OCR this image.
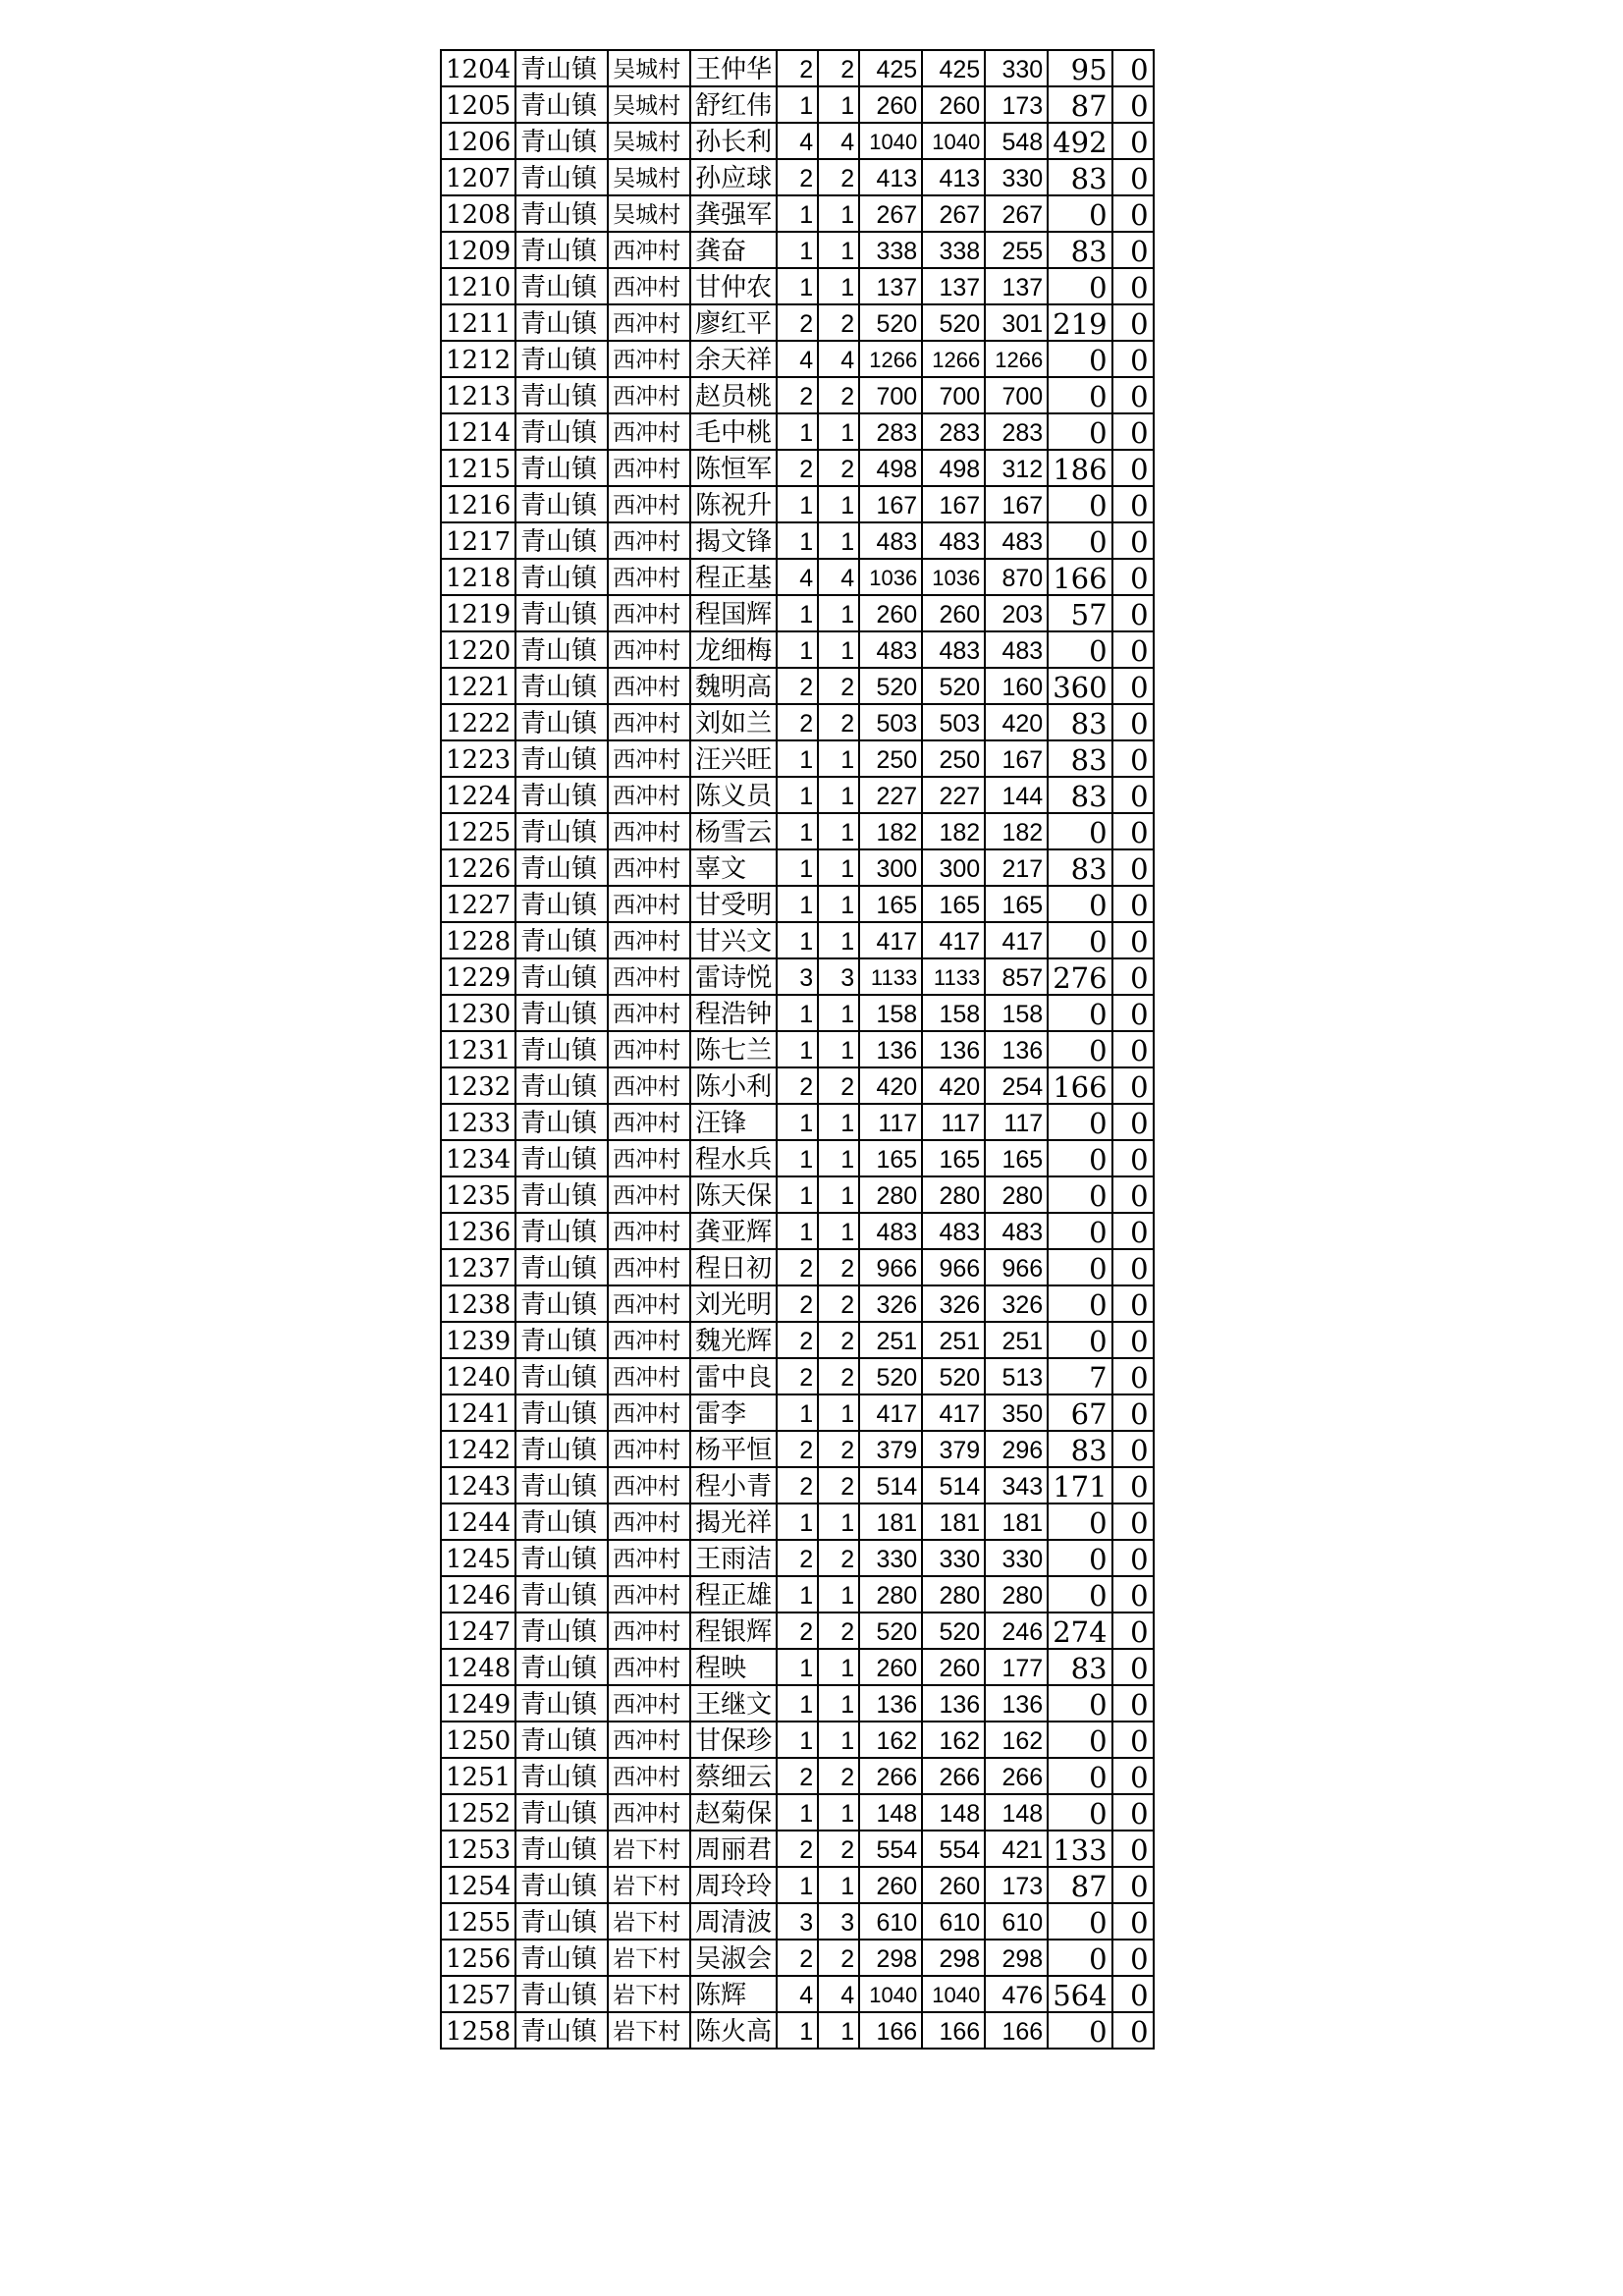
1204	青山镇	吴城村	王仲华	2	2	425	425	330	95	0
1205	青山镇	吴城村	舒红伟	1	1	260	260	173	87	0
1206	青山镇	吴城村	孙长利	4	4	1040	1040	548	492	0
1207	青山镇	吴城村	孙应球	2	2	413	413	330	83	0
1208	青山镇	吴城村	龚强军	1	1	267	267	267	0	0
1209	青山镇	西冲村	龚奋	1	1	338	338	255	83	0
1210	青山镇	西冲村	甘仲农	1	1	137	137	137	0	0
1211	青山镇	西冲村	廖红平	2	2	520	520	301	219	0
1212	青山镇	西冲村	余天祥	4	4	1266	1266	1266	0	0
1213	青山镇	西冲村	赵员桃	2	2	700	700	700	0	0
1214	青山镇	西冲村	毛中桃	1	1	283	283	283	0	0
1215	青山镇	西冲村	陈恒军	2	2	498	498	312	186	0
1216	青山镇	西冲村	陈祝升	1	1	167	167	167	0	0
1217	青山镇	西冲村	揭文锋	1	1	483	483	483	0	0
1218	青山镇	西冲村	程正基	4	4	1036	1036	870	166	0
1219	青山镇	西冲村	程国辉	1	1	260	260	203	57	0
1220	青山镇	西冲村	龙细梅	1	1	483	483	483	0	0
1221	青山镇	西冲村	魏明高	2	2	520	520	160	360	0
1222	青山镇	西冲村	刘如兰	2	2	503	503	420	83	0
1223	青山镇	西冲村	汪兴旺	1	1	250	250	167	83	0
1224	青山镇	西冲村	陈义员	1	1	227	227	144	83	0
1225	青山镇	西冲村	杨雪云	1	1	182	182	182	0	0
1226	青山镇	西冲村	辜文	1	1	300	300	217	83	0
1227	青山镇	西冲村	甘受明	1	1	165	165	165	0	0
1228	青山镇	西冲村	甘兴文	1	1	417	417	417	0	0
1229	青山镇	西冲村	雷诗悦	3	3	1133	1133	857	276	0
1230	青山镇	西冲村	程浩钟	1	1	158	158	158	0	0
1231	青山镇	西冲村	陈七兰	1	1	136	136	136	0	0
1232	青山镇	西冲村	陈小利	2	2	420	420	254	166	0
1233	青山镇	西冲村	汪锋	1	1	117	117	117	0	0
1234	青山镇	西冲村	程水兵	1	1	165	165	165	0	0
1235	青山镇	西冲村	陈天保	1	1	280	280	280	0	0
1236	青山镇	西冲村	龚亚辉	1	1	483	483	483	0	0
1237	青山镇	西冲村	程日初	2	2	966	966	966	0	0
1238	青山镇	西冲村	刘光明	2	2	326	326	326	0	0
1239	青山镇	西冲村	魏光辉	2	2	251	251	251	0	0
1240	青山镇	西冲村	雷中良	2	2	520	520	513	7	0
1241	青山镇	西冲村	雷李	1	1	417	417	350	67	0
1242	青山镇	西冲村	杨平恒	2	2	379	379	296	83	0
1243	青山镇	西冲村	程小青	2	2	514	514	343	171	0
1244	青山镇	西冲村	揭光祥	1	1	181	181	181	0	0
1245	青山镇	西冲村	王雨洁	2	2	330	330	330	0	0
1246	青山镇	西冲村	程正雄	1	1	280	280	280	0	0
1247	青山镇	西冲村	程银辉	2	2	520	520	246	274	0
1248	青山镇	西冲村	程映	1	1	260	260	177	83	0
1249	青山镇	西冲村	王继文	1	1	136	136	136	0	0
1250	青山镇	西冲村	甘保珍	1	1	162	162	162	0	0
1251	青山镇	西冲村	蔡细云	2	2	266	266	266	0	0
1252	青山镇	西冲村	赵菊保	1	1	148	148	148	0	0
1253	青山镇	岩下村	周丽君	2	2	554	554	421	133	0
1254	青山镇	岩下村	周玲玲	1	1	260	260	173	87	0
1255	青山镇	岩下村	周清波	3	3	610	610	610	0	0
1256	青山镇	岩下村	吴淑会	2	2	298	298	298	0	0
1257	青山镇	岩下村	陈辉	4	4	1040	1040	476	564	0
1258	青山镇	岩下村	陈火高	1	1	166	166	166	0	0
